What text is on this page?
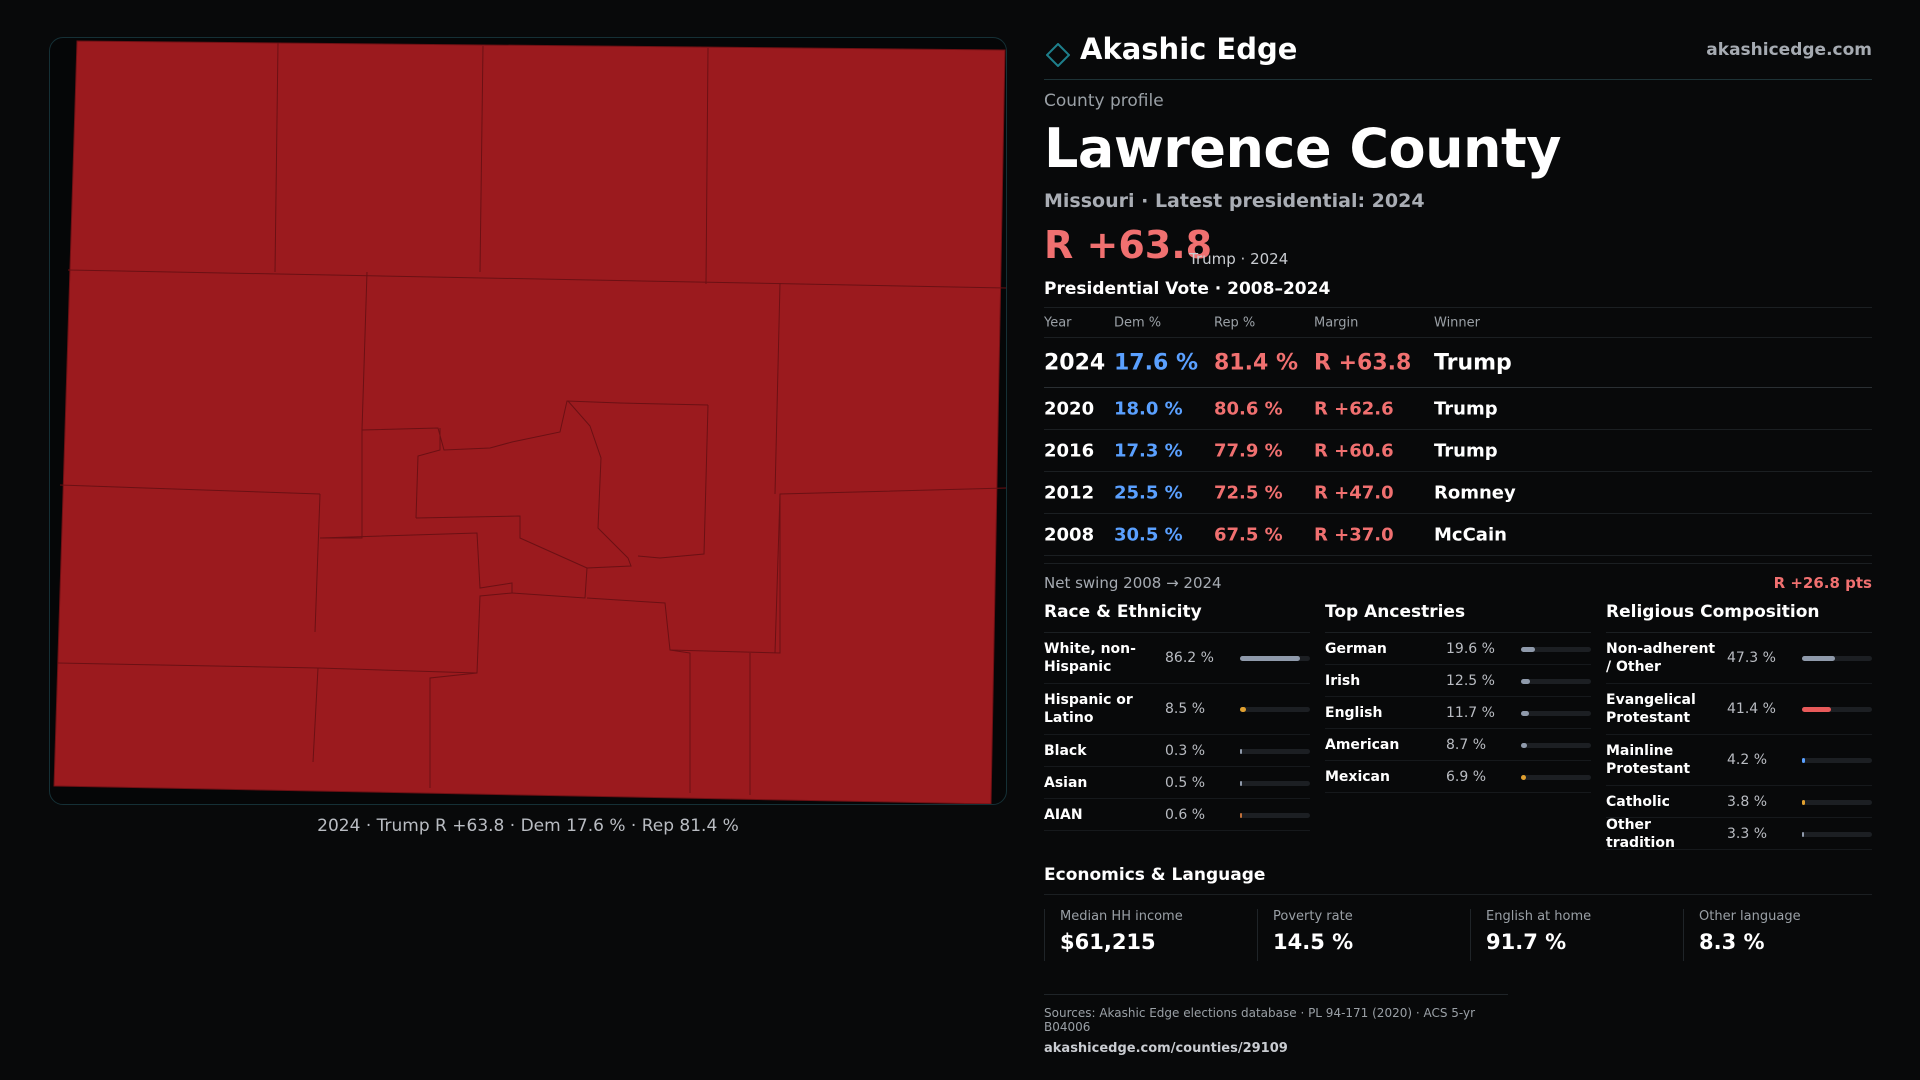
2024 · Trump R +63.8 · Dem 17.6 % · Rep 81.4 %
Akashic Edge	akashicedge.com
County profile
Lawrence County
Missouri · Latest presidential: 2024
R +63.8
Trump · 2024
Presidential Vote · 2008–2024
Year	Dem %	Rep %	Margin	Winner
2024 17.6 % 81.4 % R +63.8 Trump
2020 18.0 % 80.6 % R +62.6 Trump
2016 17.3 % 77.9 % R +60.6 Trump
2012 25.5 % 72.5 % R +47.0 Romney
2008 30.5 % 67.5 % R +37.0 McCain
Net swing 2008 → 2024	R +26.8 pts
Race & Ethnicity
White, non-Hispanic
86.2 %
Hispanic or Latino
8.5 %
Black	0.3 %
Asian	0.5 %
AIAN	0.6 %
Top Ancestries
German	19.6 %
Irish	12.5 %
English	11.7 %
American	8.7 %
Mexican	6.9 %
Religious Composition
Non-adherent / Other
47.3 %
Evangelical Protestant
41.4 %
Mainline Protestant
4.2 %
Catholic	3.8 %
Other tradition
3.3 %
Economics & Language
Median HH income
$61,215
Poverty rate
14.5 %
English at home
91.7 %
Other language
8.3 %
Sources: Akashic Edge elections database · PL 94-171 (2020) · ACS 5-yr B04006
akashicedge.com/counties/29109
